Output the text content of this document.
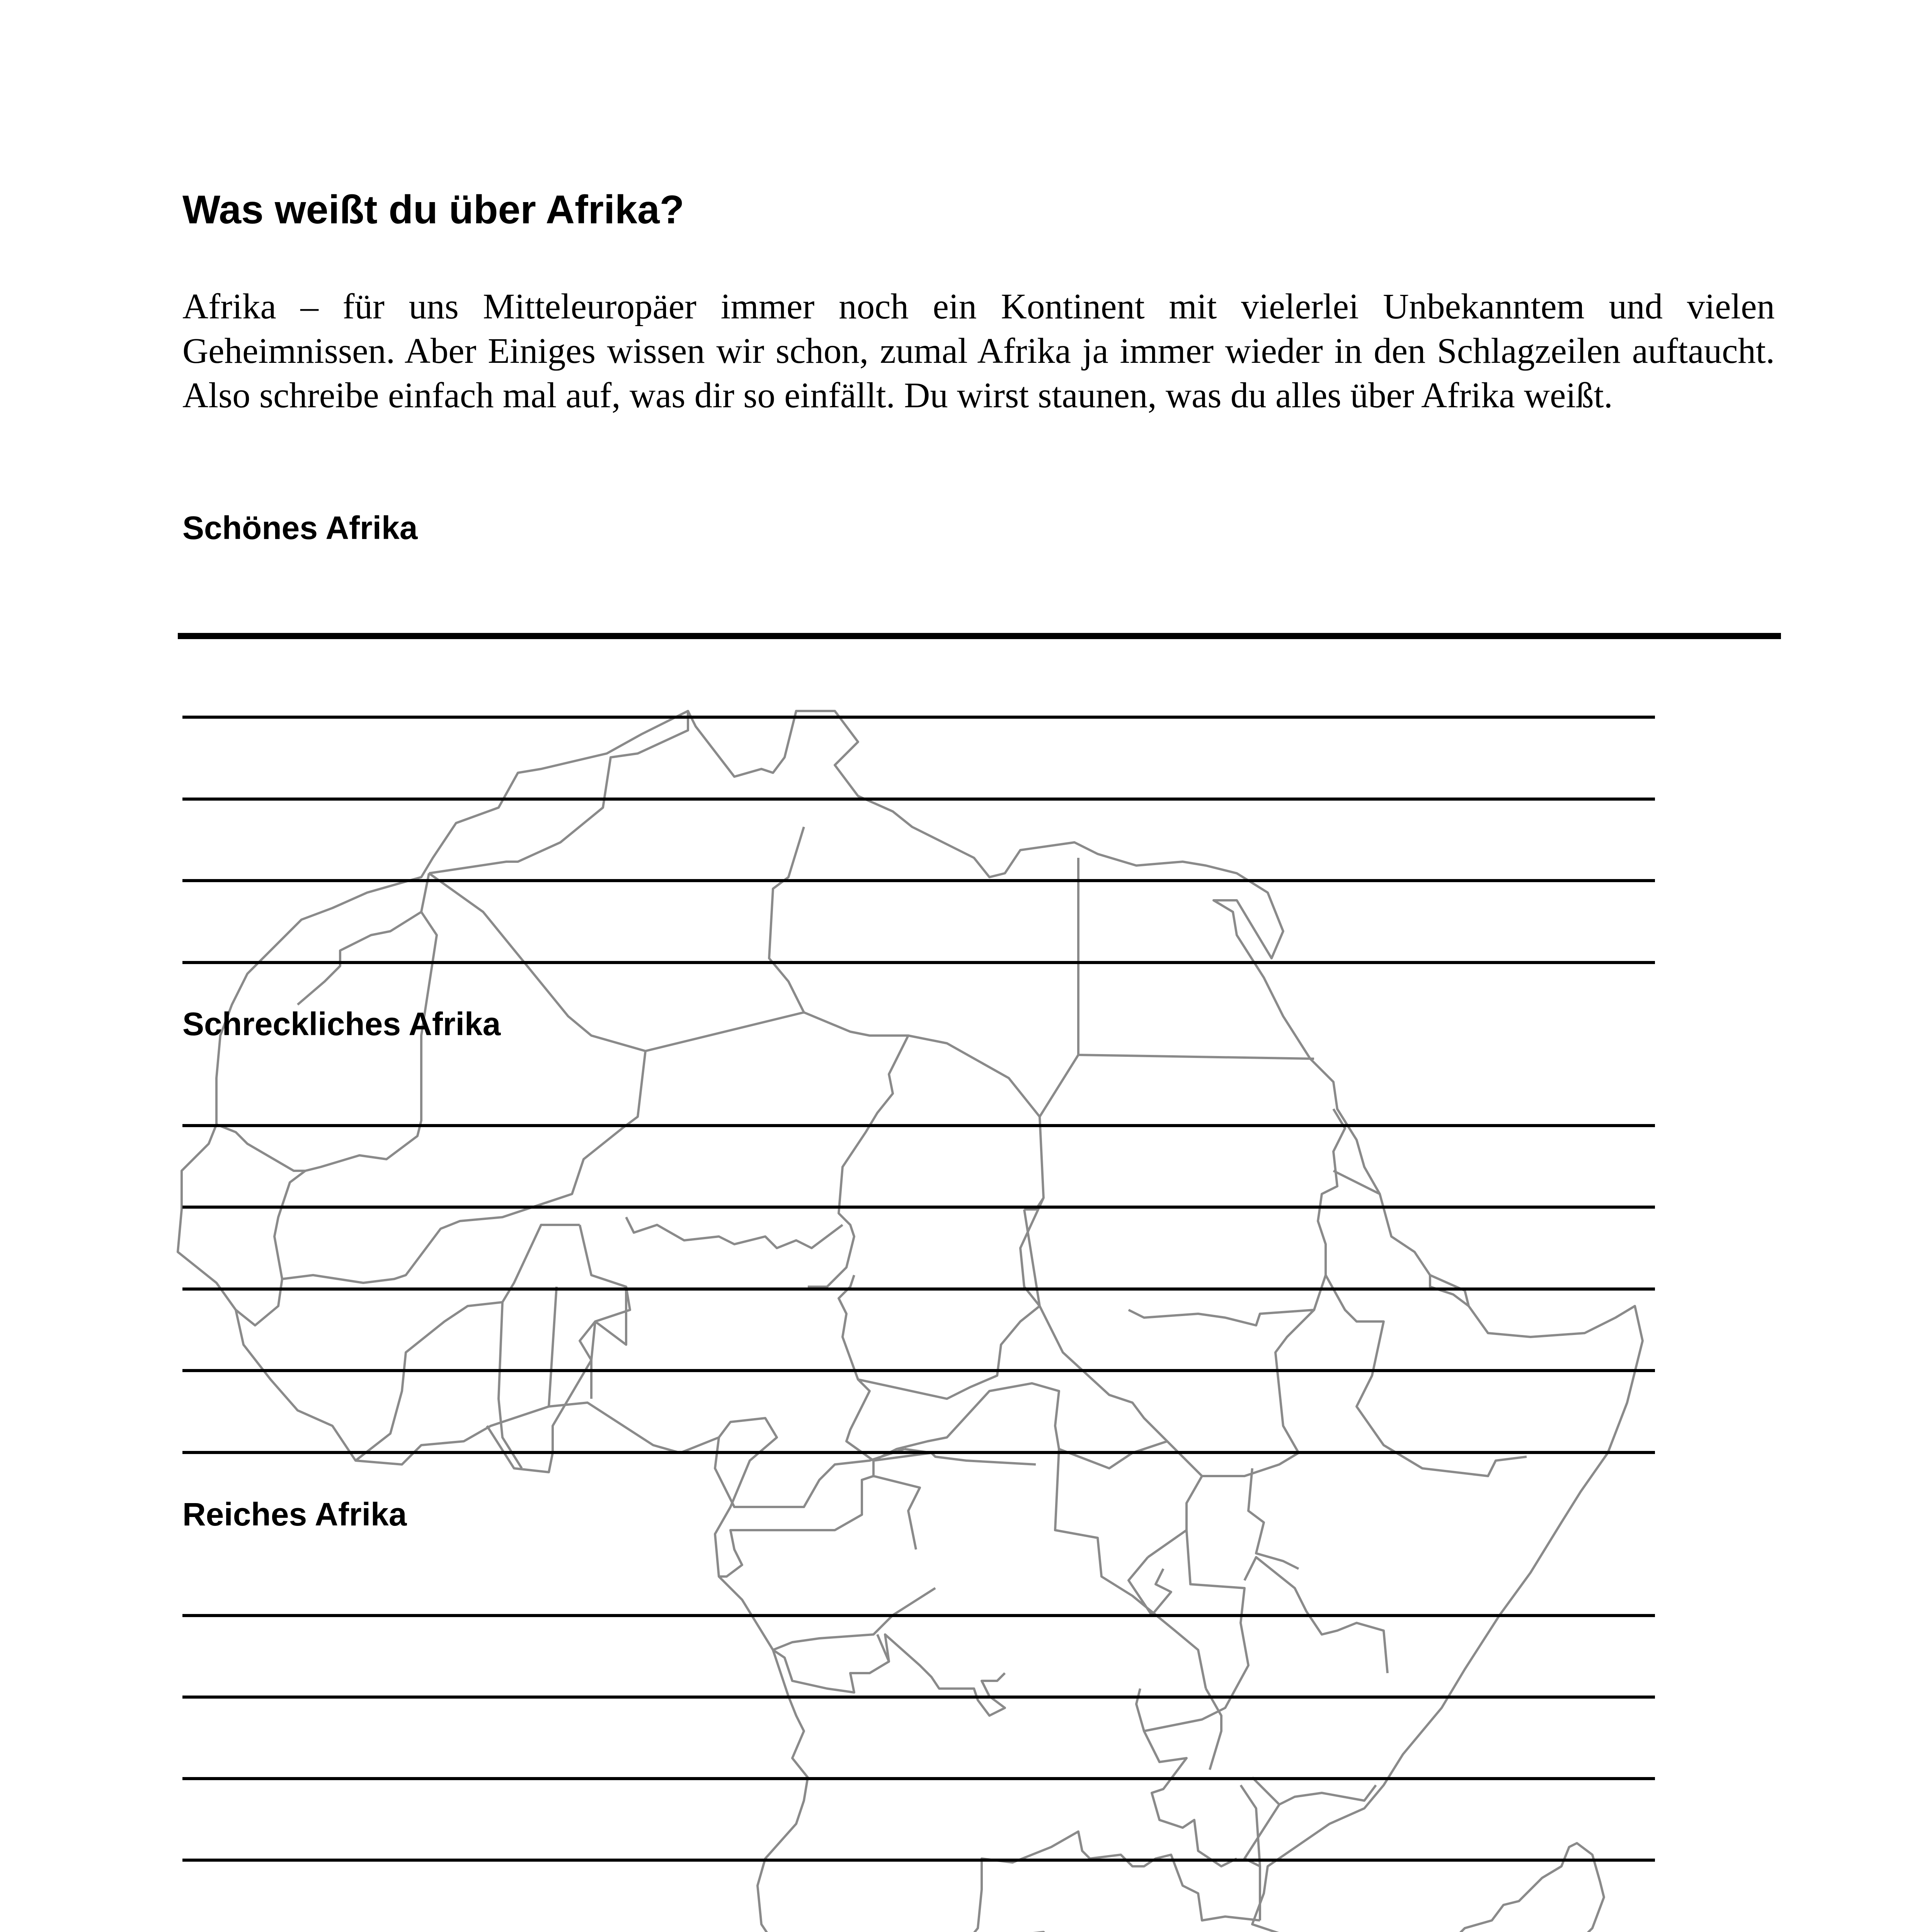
Was weißt du über Afrika?

Afrika – für uns Mitteleuropäer immer noch ein Kontinent mit vielerlei Unbekanntem und vielen Geheimnissen. Aber Einiges wissen wir schon, zumal Afrika ja immer wieder in den Schlagzeilen auftaucht. Also schreibe einfach mal auf, was dir so einfällt. Du wirst staunen, was du alles über Afrika weißt.

Schönes Afrika
Schreckliches Afrika
Reiches Afrika
